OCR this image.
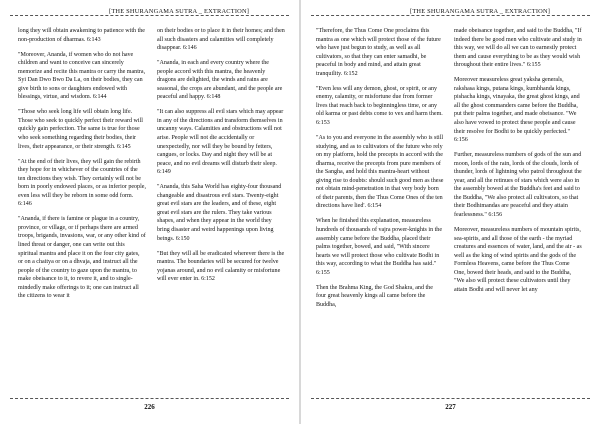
[THE SHURANGAMA SUTRA _ EXTRACTION]

long they will obtain awakening to patience with the non-production of dharmas. 6:143

"Moreover, Ananda, if women who do not have children and want to conceive can sincerely memorize and recite this mantra or carry the mantra, Syi Dan Dwo Bwo Da La, on their bodies, they can give birth to sons or daughters endowed with blessings, virtue, and wisdom. 6:144

"Those who seek long life will obtain long life. Those who seek to quickly perfect their reward will quickly gain perfection. The same is true for those who seek something regarding their bodies, their lives, their appearance, or their strength. 6:145

"At the end of their lives, they will gain the rebirth they hope for in whichever of the countries of the ten directions they wish. They certainly will not be born in poorly endowed places, or as inferior people, even less will they be reborn in some odd form. 6:146

"Ananda, if there is famine or plague in a country, province, or village, or if perhaps there are armed troops, brigands, invasions, war, or any other kind of lined threat or danger, one can write out this spiritual mantra and place it on the four city gates, or on a chaitya or on a dhvaja, and instruct all the people of the country to gaze upon the mantra, to make obeisance to it, to revere it, and to single-mindedly make offerings to it; one can instruct all the citizens to wear it

on their bodies or to place it in their homes; and then all such disasters and calamities will completely disappear. 6:146

"Ananda, in each and every country where the people accord with this mantra, the heavenly dragons are delighted, the winds and rains are seasonal, the crops are abundant, and the people are peaceful and happy. 6:148

"It can also suppress all evil stars which may appear in any of the directions and transform themselves in uncanny ways. Calamities and obstructions will not arise. People will not die accidentally or unexpectedly, nor will they be bound by fetters, cangues, or locks. Day and night they will be at peace, and no evil dreams will disturb their sleep. 6:149

"Ananda, this Saha World has eighty-four thousand changeable and disastrous evil stars. Twenty-eight great evil stars are the leaders, and of these, eight great evil stars are the rulers. They take various shapes, and when they appear in the world they bring disaster and weird happenings upon living beings. 6:150

"But they will all be eradicated wherever there is the mantra. The boundaries will be secured for twelve yojanas around, and no evil calamity or misfortune will ever enter in. 6:152

226
[THE SHURANGAMA SUTRA _ EXTRACTION]

"Therefore, the Thus Come One proclaims this mantra as one which will protect those of the future who have just begun to study, as well as all cultivators, so that they can enter samadhi, be peaceful in body and mind, and attain great tranquility. 6:152

"Even less will any demon, ghost, or spirit, or any enemy, calamity, or misfortune due from former lives that reach back to beginningless time, or any old karma or past debts come to vex and harm them. 6:153

"As to you and everyone in the assembly who is still studying, and as to cultivators of the future who rely on my platform, hold the precepts in accord with the dharma, receive the precepts from pure members of the Sangha, and hold this mantra-heart without giving rise to doubts: should such good men as these not obtain mind-penetration in that very body born of their parents, then the Thus Come Ones of the ten directions have lied'. 6:154

When he finished this explanation, measureless hundreds of thousands of vajra power-knights in the assembly came before the Buddha, placed their palms together, bowed, and said, "With sincere hearts we will protect those who cultivate Bodhi in this way, according to what the Buddha has said." 6:155

Then the Brahma King, the God Shakra, and the four great heavenly kings all came before the Buddha,

made obeisance together, and said to the Buddha, "If indeed there be good men who cultivate and study in this way, we will do all we can to earnestly protect them and cause everything to be as they would wish throughout their entire lives." 6:155

Moreover measureless great yaksha generals, rakshasa kings, putana kings, kumbhanda kings, pishacha kings, vinayaka, the great ghost kings, and all the ghost commanders came before the Buddha, put their palms together, and made obeisance. "We also have vowed to protect these people and cause their resolve for Bodhi to be quickly perfected." 6:156

Further, measureless numbers of gods of the sun and moon, lords of the rain, lords of the clouds, lords of thunder, lords of lightning who patrol throughout the year, and all the retinues of stars which were also in the assembly bowed at the Buddha's feet and said to the Buddha, "We also protect all cultivators, so that their Bodhimandas are peaceful and they attain fearlessness." 6:156

Moreover, measureless numbers of mountain spirits, sea-spirits, and all those of the earth - the myriad creatures and essences of water, land, and the air - as well as the king of wind spirits and the gods of the Formless Heavens, came before the Thus Come One, bowed their heads, and said to the Buddha, "We also will protect these cultivators until they attain Bodhi and will never let any

227
